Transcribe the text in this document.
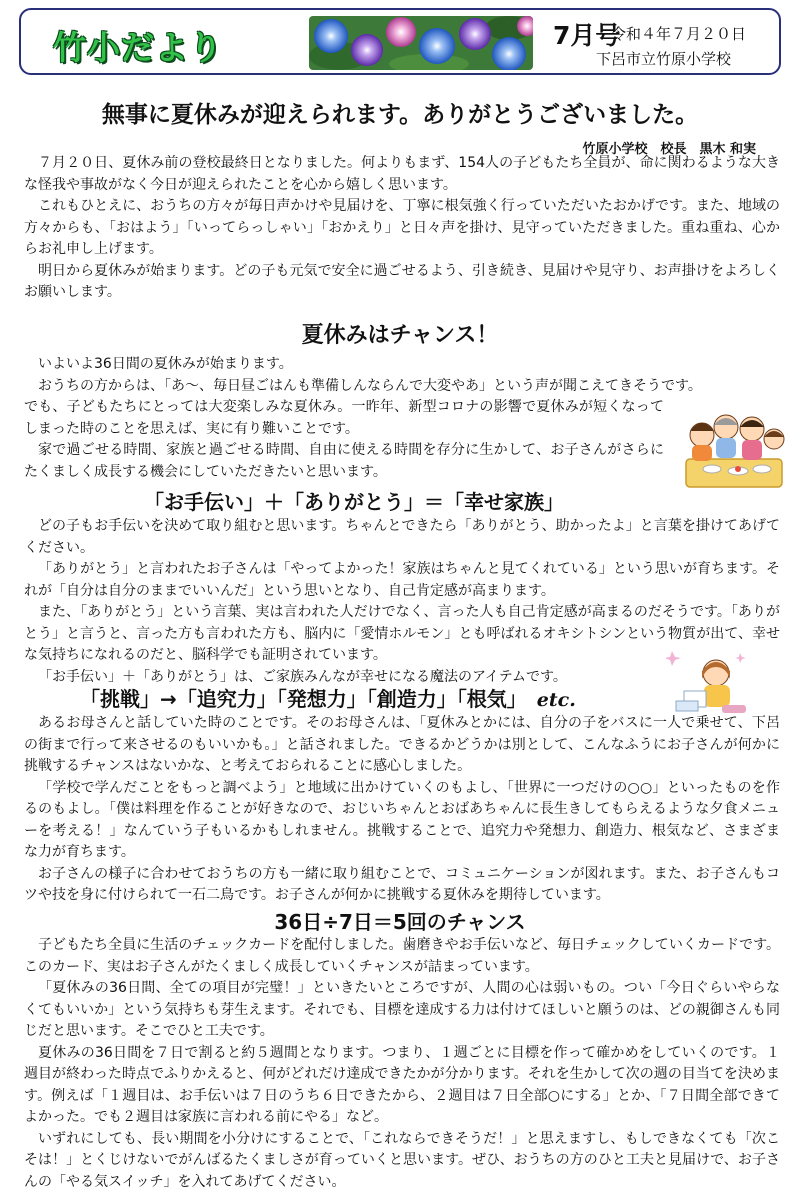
竹小だより	7月号
令和４年７月２０日
下呂市立竹原小学校
無事に夏休みが迎えられます。ありがとうございました。
竹原小学校　校長　黒木 和実

７月２０日、夏休み前の登校最終日となりました。何よりもまず、154人の子どもたち全員が、命に関わるような大きな怪我や事故がなく今日が迎えられたことを心から嬉しく思います。

これもひとえに、おうちの方々が毎日声かけや見届けを、丁寧に根気強く行っていただいたおかげです。また、地域の方々からも、「おはよう」「いってらっしゃい」「おかえり」と日々声を掛け、見守っていただきました。重ね重ね、心からお礼申し上げます。

明日から夏休みが始まります。どの子も元気で安全に過ごせるよう、引き続き、見届けや見守り、お声掛けをよろしくお願いします。

夏休みはチャンス！

いよいよ36日間の夏休みが始まります。

おうちの方からは、「あ〜、毎日昼ごはんも準備しんならんで大変やあ」という声が聞こえてきそうです。

でも、子どもたちにとっては大変楽しみな夏休み。一昨年、新型コロナの影響で夏休みが短くなってしまった時のことを思えば、実に有り難いことです。

家で過ごせる時間、家族と過ごせる時間、自由に使える時間を存分に生かして、お子さんがさらにたくましく成長する機会にしていただきたいと思います。

「お手伝い」＋「ありがとう」＝「幸せ家族」

どの子もお手伝いを決めて取り組むと思います。ちゃんとできたら「ありがとう、助かったよ」と言葉を掛けてあげてください。

「ありがとう」と言われたお子さんは「やってよかった！家族はちゃんと見てくれている」という思いが育ちます。それが「自分は自分のままでいいんだ」という思いとなり、自己肯定感が高まります。

また、「ありがとう」という言葉、実は言われた人だけでなく、言った人も自己肯定感が高まるのだそうです。「ありがとう」と言うと、言った方も言われた方も、脳内に「愛情ホルモン」とも呼ばれるオキシトシンという物質が出て、幸せな気持ちになれるのだと、脳科学でも証明されています。

「お手伝い」＋「ありがとう」は、ご家族みんなが幸せになる魔法のアイテムです。

「挑戦」→「追究力」「発想力」「創造力」「根気」 etc.

あるお母さんと話していた時のことです。そのお母さんは、「夏休みとかには、自分の子をバスに一人で乗せて、下呂の街まで行って来させるのもいいかも。」と話されました。できるかどうかは別として、こんなふうにお子さんが何かに挑戦するチャンスはないかな、と考えておられることに感心しました。

「学校で学んだことをもっと調べよう」と地域に出かけていくのもよし、「世界に一つだけの○○」といったものを作るのもよし。「僕は料理を作ることが好きなので、おじいちゃんとおばあちゃんに長生きしてもらえるような夕食メニューを考える！」なんていう子もいるかもしれません。挑戦することで、追究力や発想力、創造力、根気など、さまざまな力が育ちます。

お子さんの様子に合わせておうちの方も一緒に取り組むことで、コミュニケーションが図れます。また、お子さんもコツや技を身に付けられて一石二鳥です。お子さんが何かに挑戦する夏休みを期待しています。

36日÷7日＝5回のチャンス

子どもたち全員に生活のチェックカードを配付しました。歯磨きやお手伝いなど、毎日チェックしていくカードです。このカード、実はお子さんがたくましく成長していくチャンスが詰まっています。

「夏休みの36日間、全ての項目が完璧！」といきたいところですが、人間の心は弱いもの。つい「今日ぐらいやらなくてもいいか」という気持ちも芽生えます。それでも、目標を達成する力は付けてほしいと願うのは、どの親御さんも同じだと思います。そこでひと工夫です。

夏休みの36日間を７日で割ると約５週間となります。つまり、１週ごとに目標を作って確かめをしていくのです。１週目が終わった時点でふりかえると、何がどれだけ達成できたかが分かります。それを生かして次の週の目当てを決めます。例えば「１週目は、お手伝いは７日のうち６日できたから、２週目は７日全部○にする」とか、「７日間全部できてよかった。でも２週目は家族に言われる前にやる」など。

いずれにしても、長い期間を小分けにすることで、「これならできそうだ！」と思えますし、もしできなくても「次こそは！」とくじけないでがんばるたくましさが育っていくと思います。ぜひ、おうちの方のひと工夫と見届けで、お子さんの「やる気スイッチ」を入れてあげてください。
